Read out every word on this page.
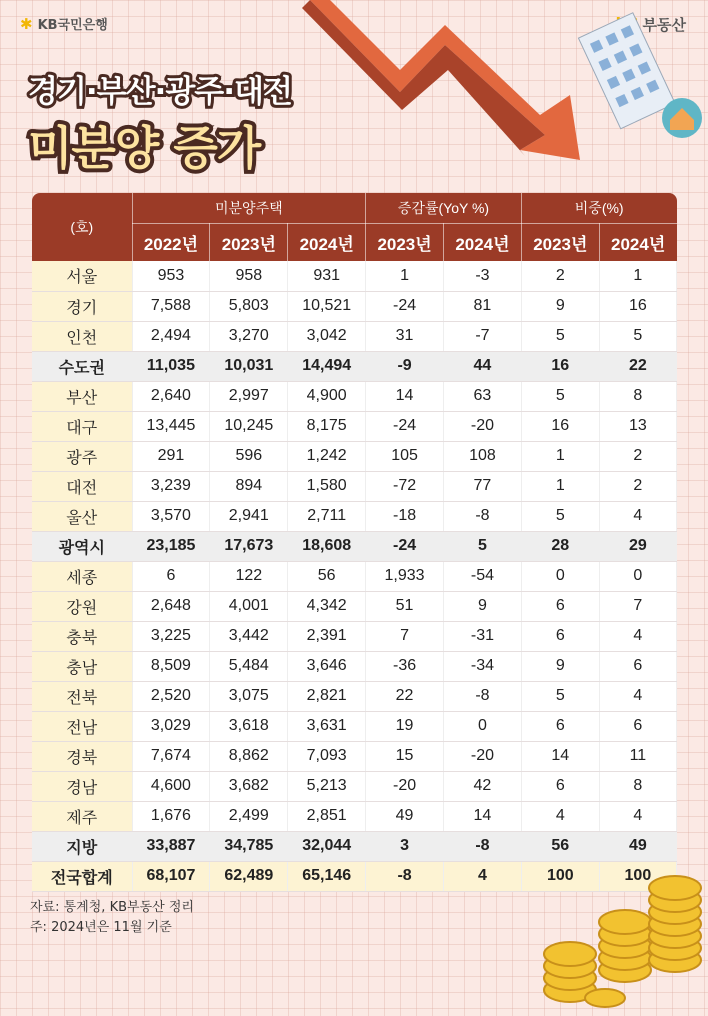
✱ KB국민은행	부동산
경기·부산·광주·대전
미분양 증가
(호)	미분양주택			증감률(YoY %)		비중(%)	
	2022년	2023년	2024년	2023년	2024년	2023년	2024년
서울	953	958	931	1	-3	2	1
경기	7,588	5,803	10,521	-24	81	9	16
인천	2,494	3,270	3,042	31	-7	5	5
수도권	11,035	10,031	14,494	-9	44	16	22
부산	2,640	2,997	4,900	14	63	5	8
대구	13,445	10,245	8,175	-24	-20	16	13
광주	291	596	1,242	105	108	1	2
대전	3,239	894	1,580	-72	77	1	2
울산	3,570	2,941	2,711	-18	-8	5	4
광역시	23,185	17,673	18,608	-24	5	28	29
세종	6	122	56	1,933	-54	0	0
강원	2,648	4,001	4,342	51	9	6	7
충북	3,225	3,442	2,391	7	-31	6	4
충남	8,509	5,484	3,646	-36	-34	9	6
전북	2,520	3,075	2,821	22	-8	5	4
전남	3,029	3,618	3,631	19	0	6	6
경북	7,674	8,862	7,093	15	-20	14	11
경남	4,600	3,682	5,213	-20	42	6	8
제주	1,676	2,499	2,851	49	14	4	4
지방	33,887	34,785	32,044	3	-8	56	49
전국합계	68,107	62,489	65,146	-8	4	100	100
자료: 통계청, KB부동산 정리
주: 2024년은 11월 기준
